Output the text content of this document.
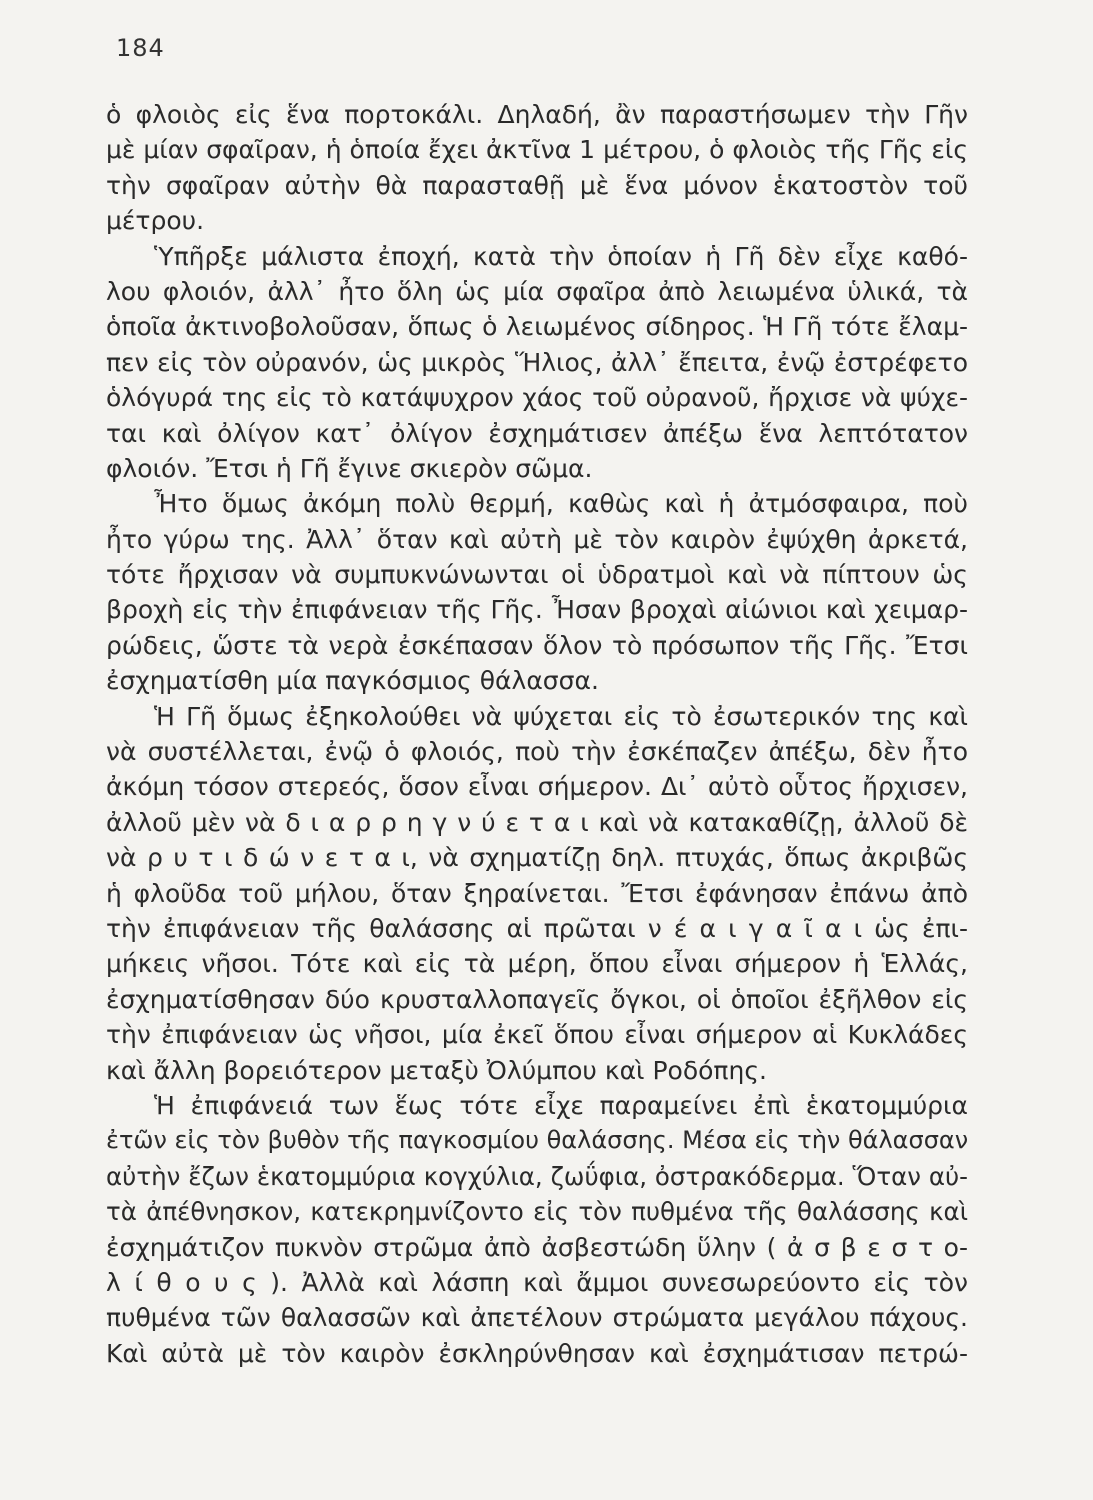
184
ὁ φλοιὸς εἰς ἕνα πορτοκάλι. Δηλαδή, ἂν παραστήσωμεν τὴν Γῆν
μὲ μίαν σφαῖραν, ἡ ὁποία ἔχει ἀκτῖνα 1 μέτρου, ὁ φλοιὸς τῆς Γῆς εἰς
τὴν σφαῖραν αὐτὴν θὰ παρασταθῇ μὲ ἕνα μόνον ἑκατοστὸν τοῦ
μέτρου.
Ὑπῆρξε μάλιστα ἐποχή, κατὰ τὴν ὁποίαν ἡ Γῆ δὲν εἶχε καθό-
λου φλοιόν, ἀλλ᾽ ἦτο ὅλη ὡς μία σφαῖρα ἀπὸ λειωμένα ὑλικά, τὰ
ὁποῖα ἀκτινοβολοῦσαν, ὅπως ὁ λειωμένος σίδηρος. Ἡ Γῆ τότε ἔλαμ-
πεν εἰς τὸν οὐρανόν, ὡς μικρὸς Ἥλιος, ἀλλ᾽ ἔπειτα, ἐνῷ ἐστρέφετο
ὁλόγυρά της εἰς τὸ κατάψυχρον χάος τοῦ οὐρανοῦ, ἤρχισε νὰ ψύχε-
ται καὶ ὀλίγον κατ᾽ ὀλίγον ἐσχημάτισεν ἀπέξω ἕνα λεπτότατον
φλοιόν. Ἔτσι ἡ Γῆ ἔγινε σκιερὸν σῶμα.
Ἦτο ὅμως ἀκόμη πολὺ θερμή, καθὼς καὶ ἡ ἀτμόσφαιρα, ποὺ
ἦτο γύρω της. Ἀλλ᾽ ὅταν καὶ αὐτὴ μὲ τὸν καιρὸν ἐψύχθη ἀρκετά,
τότε ἤρχισαν νὰ συμπυκνώνωνται οἱ ὑδρατμοὶ καὶ νὰ πίπτουν ὡς
βροχὴ εἰς τὴν ἐπιφάνειαν τῆς Γῆς. Ἦσαν βροχαὶ αἰώνιοι καὶ χειμαρ-
ρώδεις, ὥστε τὰ νερὰ ἐσκέπασαν ὅλον τὸ πρόσωπον τῆς Γῆς. Ἔτσι
ἐσχηματίσθη μία παγκόσμιος θάλασσα.
Ἡ Γῆ ὅμως ἐξηκολούθει νὰ ψύχεται εἰς τὸ ἐσωτερικόν της καὶ
νὰ συστέλλεται, ἐνῷ ὁ φλοιός, ποὺ τὴν ἐσκέπαζεν ἀπέξω, δὲν ἦτο
ἀκόμη τόσον στερεός, ὅσον εἶναι σήμερον. Δι᾽ αὐτὸ οὗτος ἤρχισεν,
ἀλλοῦ μὲν νὰ δ ι α ρ ρ η γ ν ύ ε τ α ι καὶ νὰ κατακαθίζῃ, ἀλλοῦ δὲ
νὰ ρ υ τ ι δ ώ ν ε τ α ι, νὰ σχηματίζῃ δηλ. πτυχάς, ὅπως ἀκριβῶς
ἡ φλοῦδα τοῦ μήλου, ὅταν ξηραίνεται. Ἔτσι ἐφάνησαν ἐπάνω ἀπὸ
τὴν ἐπιφάνειαν τῆς θαλάσσης αἱ πρῶται ν έ α ι γ α ῖ α ι ὡς ἐπι-
μήκεις νῆσοι. Τότε καὶ εἰς τὰ μέρη, ὅπου εἶναι σήμερον ἡ Ἑλλάς,
ἐσχηματίσθησαν δύο κρυσταλλοπαγεῖς ὄγκοι, οἱ ὁποῖοι ἐξῆλθον εἰς
τὴν ἐπιφάνειαν ὡς νῆσοι, μία ἐκεῖ ὅπου εἶναι σήμερον αἱ Κυκλάδες
καὶ ἄλλη βορειότερον μεταξὺ Ὀλύμπου καὶ Ροδόπης.
Ἡ ἐπιφάνειά των ἕως τότε εἶχε παραμείνει ἐπὶ ἑκατομμύρια
ἐτῶν εἰς τὸν βυθὸν τῆς παγκοσμίου θαλάσσης. Μέσα εἰς τὴν θάλασσαν
αὐτὴν ἔζων ἑκατομμύρια κογχύλια, ζωΰφια, ὀστρακόδερμα. Ὅταν αὐ-
τὰ ἀπέθνησκον, κατεκρημνίζοντο εἰς τὸν πυθμένα τῆς θαλάσσης καὶ
ἐσχημάτιζον πυκνὸν στρῶμα ἀπὸ ἀσβεστώδη ὕλην ( ἀ σ β ε σ τ ο-
λ ί θ ο υ ς ). Ἀλλὰ καὶ λάσπη καὶ ἄμμοι συνεσωρεύοντο εἰς τὸν
πυθμένα τῶν θαλασσῶν καὶ ἀπετέλουν στρώματα μεγάλου πάχους.
Καὶ αὐτὰ μὲ τὸν καιρὸν ἐσκληρύνθησαν καὶ ἐσχημάτισαν πετρώ-
